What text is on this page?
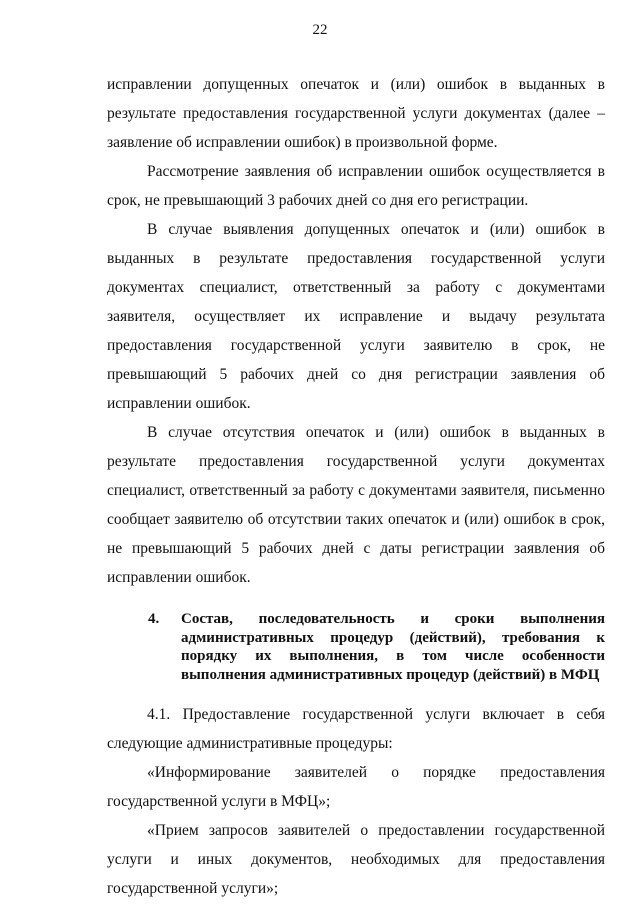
22

исправлении допущенных опечаток и (или) ошибок в выданных в результате предоставления государственной услуги документах (далее – заявление об исправлении ошибок) в произвольной форме.

Рассмотрение заявления об исправлении ошибок осуществляется в срок, не превышающий 3 рабочих дней со дня его регистрации.

В случае выявления допущенных опечаток и (или) ошибок в выданных в результате предоставления государственной услуги документах специалист, ответственный за работу с документами заявителя, осуществляет их исправление и выдачу результата предоставления государственной услуги заявителю в срок, не превышающий 5 рабочих дней со дня регистрации заявления об исправлении ошибок.

В случае отсутствия опечаток и (или) ошибок в выданных в результате предоставления государственной услуги документах специалист, ответственный за работу с документами заявителя, письменно сообщает заявителю об отсутствии таких опечаток и (или) ошибок в срок, не превышающий 5 рабочих дней с даты регистрации заявления об исправлении ошибок.

4. Состав, последовательность и сроки выполнения административных процедур (действий), требования к порядку их выполнения, в том числе особенности выполнения административных процедур (действий) в МФЦ

4.1. Предоставление государственной услуги включает в себя следующие административные процедуры:

«Информирование заявителей о порядке предоставления государственной услуги в МФЦ»;

«Прием запросов заявителей о предоставлении государственной услуги и иных документов, необходимых для предоставления государственной услуги»;
